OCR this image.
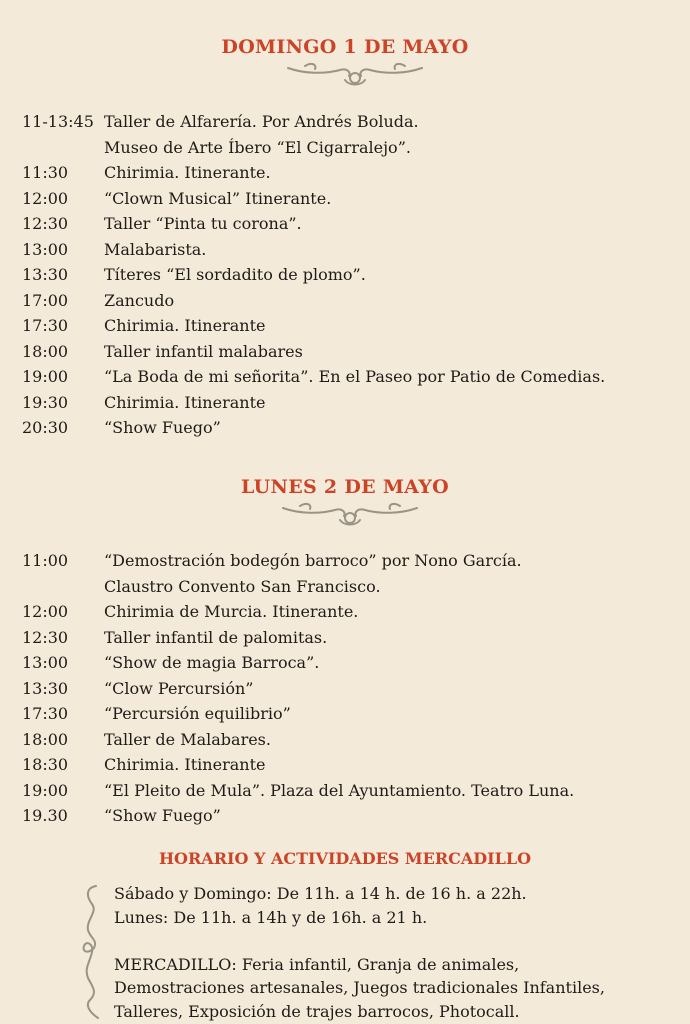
DOMINGO 1 DE MAYO
11-13:45 Taller de Alfarería. Por Andrés Boluda.
Museo de Arte Íbero “El Cigarralejo”.
11:30	Chirimia. Itinerante.
12:00	“Clown Musical” Itinerante.
12:30	Taller “Pinta tu corona”.
13:00	Malabarista.
13:30	Títeres “El sordadito de plomo”.
17:00	Zancudo
17:30	Chirimia. Itinerante
18:00	Taller infantil malabares
19:00	“La Boda de mi señorita”. En el Paseo por Patio de Comedias.
19:30	Chirimia. Itinerante
20:30	“Show Fuego”
LUNES 2 DE MAYO
11:00	“Demostración bodegón barroco” por Nono García.
Claustro Convento San Francisco.
12:00	Chirimia de Murcia. Itinerante.
12:30	Taller infantil de palomitas.
13:00	“Show de magia Barroca”.
13:30	“Clow Percursión”
17:30	“Percursión equilibrio”
18:00	Taller de Malabares.
18:30	Chirimia. Itinerante
19:00	“El Pleito de Mula”. Plaza del Ayuntamiento. Teatro Luna.
19.30	“Show Fuego”
HORARIO Y ACTIVIDADES MERCADILLO
Sábado y Domingo: De 11h. a 14 h. de 16 h. a 22h.
Lunes: De 11h. a 14h y de 16h. a 21 h.
MERCADILLO: Feria infantil, Granja de animales,
Demostraciones artesanales, Juegos tradicionales Infantiles,
Talleres, Exposición de trajes barrocos, Photocall.
